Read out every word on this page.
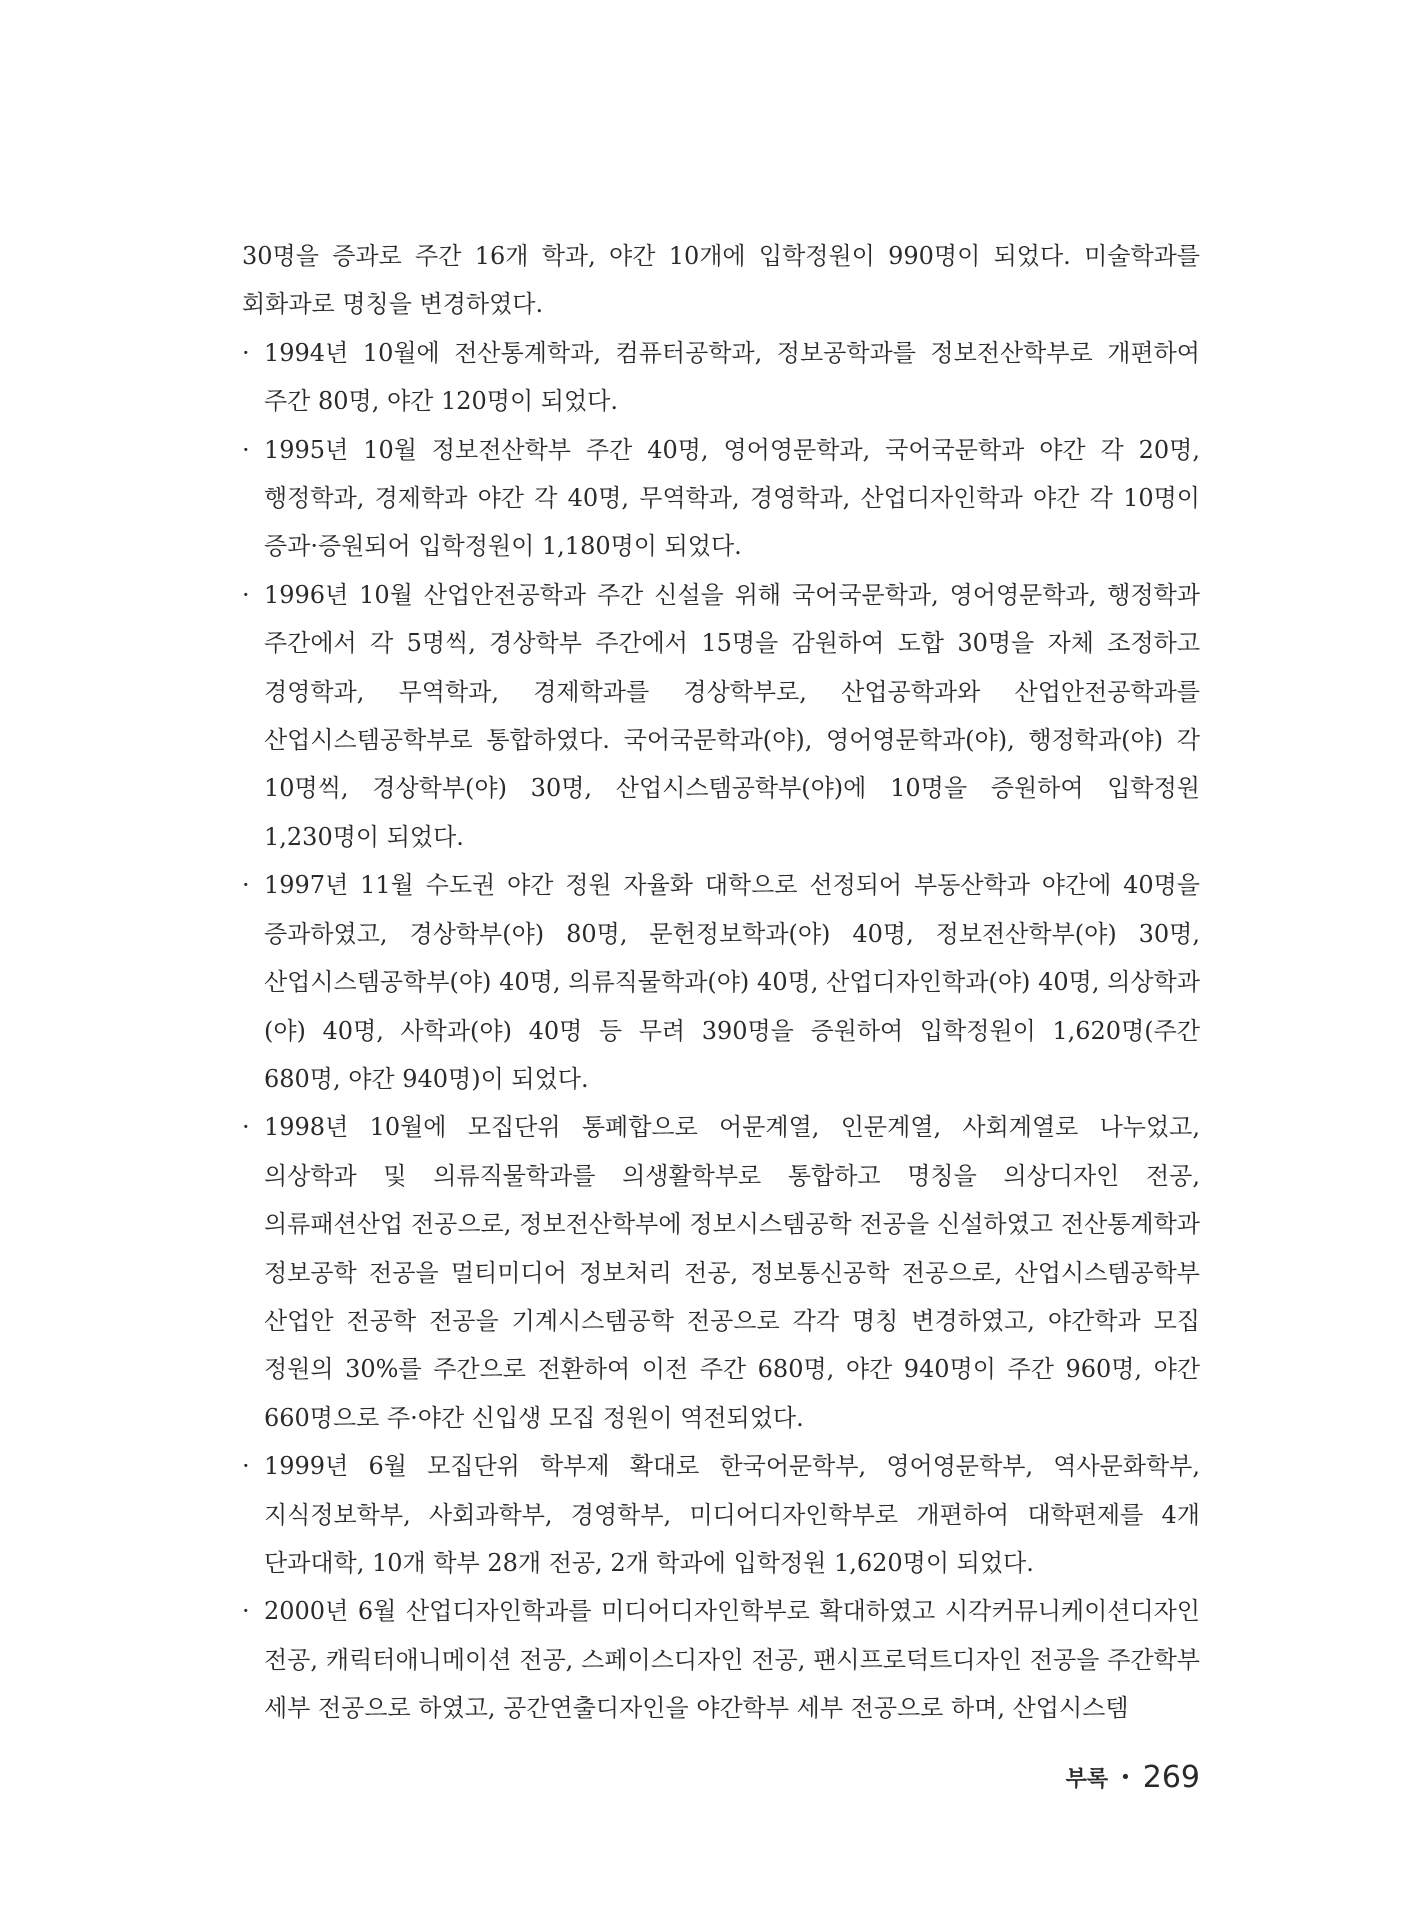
30명을 증과로 주간 16개 학과, 야간 10개에 입학정원이 990명이 되었다. 미술학과를 회화과로 명칭을 변경하였다.

· 1994년 10월에 전산통계학과, 컴퓨터공학과, 정보공학과를 정보전산학부로 개편하여 주간 80명, 야간 120명이 되었다.

· 1995년 10월 정보전산학부 주간 40명, 영어영문학과, 국어국문학과 야간 각 20명, 행정학과, 경제학과 야간 각 40명, 무역학과, 경영학과, 산업디자인학과 야간 각 10명이 증과·증원되어 입학정원이 1,180명이 되었다.

· 1996년 10월 산업안전공학과 주간 신설을 위해 국어국문학과, 영어영문학과, 행정학과 주간에서 각 5명씩, 경상학부 주간에서 15명을 감원하여 도합 30명을 자체 조정하고 경영학과, 무역학과, 경제학과를 경상학부로, 산업공학과와 산업안전공학과를 산업시스템공학부로 통합하였다. 국어국문학과(야), 영어영문학과(야), 행정학과(야) 각 10명씩, 경상학부(야) 30명, 산업시스템공학부(야)에 10명을 증원하여 입학정원 1,230명이 되었다.

· 1997년 11월 수도권 야간 정원 자율화 대학으로 선정되어 부동산학과 야간에 40명을 증과하였고, 경상학부(야) 80명, 문헌정보학과(야) 40명, 정보전산학부(야) 30명, 산업시스템공학부(야) 40명, 의류직물학과(야) 40명, 산업디자인학과(야) 40명, 의상학과(야) 40명, 사학과(야) 40명 등 무려 390명을 증원하여 입학정원이 1,620명(주간 680명, 야간 940명)이 되었다.

· 1998년 10월에 모집단위 통폐합으로 어문계열, 인문계열, 사회계열로 나누었고, 의상학과 및 의류직물학과를 의생활학부로 통합하고 명칭을 의상디자인 전공, 의류패션산업 전공으로, 정보전산학부에 정보시스템공학 전공을 신설하였고 전산통계학과 정보공학 전공을 멀티미디어 정보처리 전공, 정보통신공학 전공으로, 산업시스템공학부 산업안 전공학 전공을 기계시스템공학 전공으로 각각 명칭 변경하였고, 야간학과 모집 정원의 30%를 주간으로 전환하여 이전 주간 680명, 야간 940명이 주간 960명, 야간 660명으로 주·야간 신입생 모집 정원이 역전되었다.

· 1999년 6월 모집단위 학부제 확대로 한국어문학부, 영어영문학부, 역사문화학부, 지식정보학부, 사회과학부, 경영학부, 미디어디자인학부로 개편하여 대학편제를 4개 단과대학, 10개 학부 28개 전공, 2개 학과에 입학정원 1,620명이 되었다.

· 2000년 6월 산업디자인학과를 미디어디자인학부로 확대하였고 시각커뮤니케이션디자인 전공, 캐릭터애니메이션 전공, 스페이스디자인 전공, 팬시프로덕트디자인 전공을 주간학부 세부 전공으로 하였고, 공간연출디자인을 야간학부 세부 전공으로 하며, 산업시스템

부록 • 269
